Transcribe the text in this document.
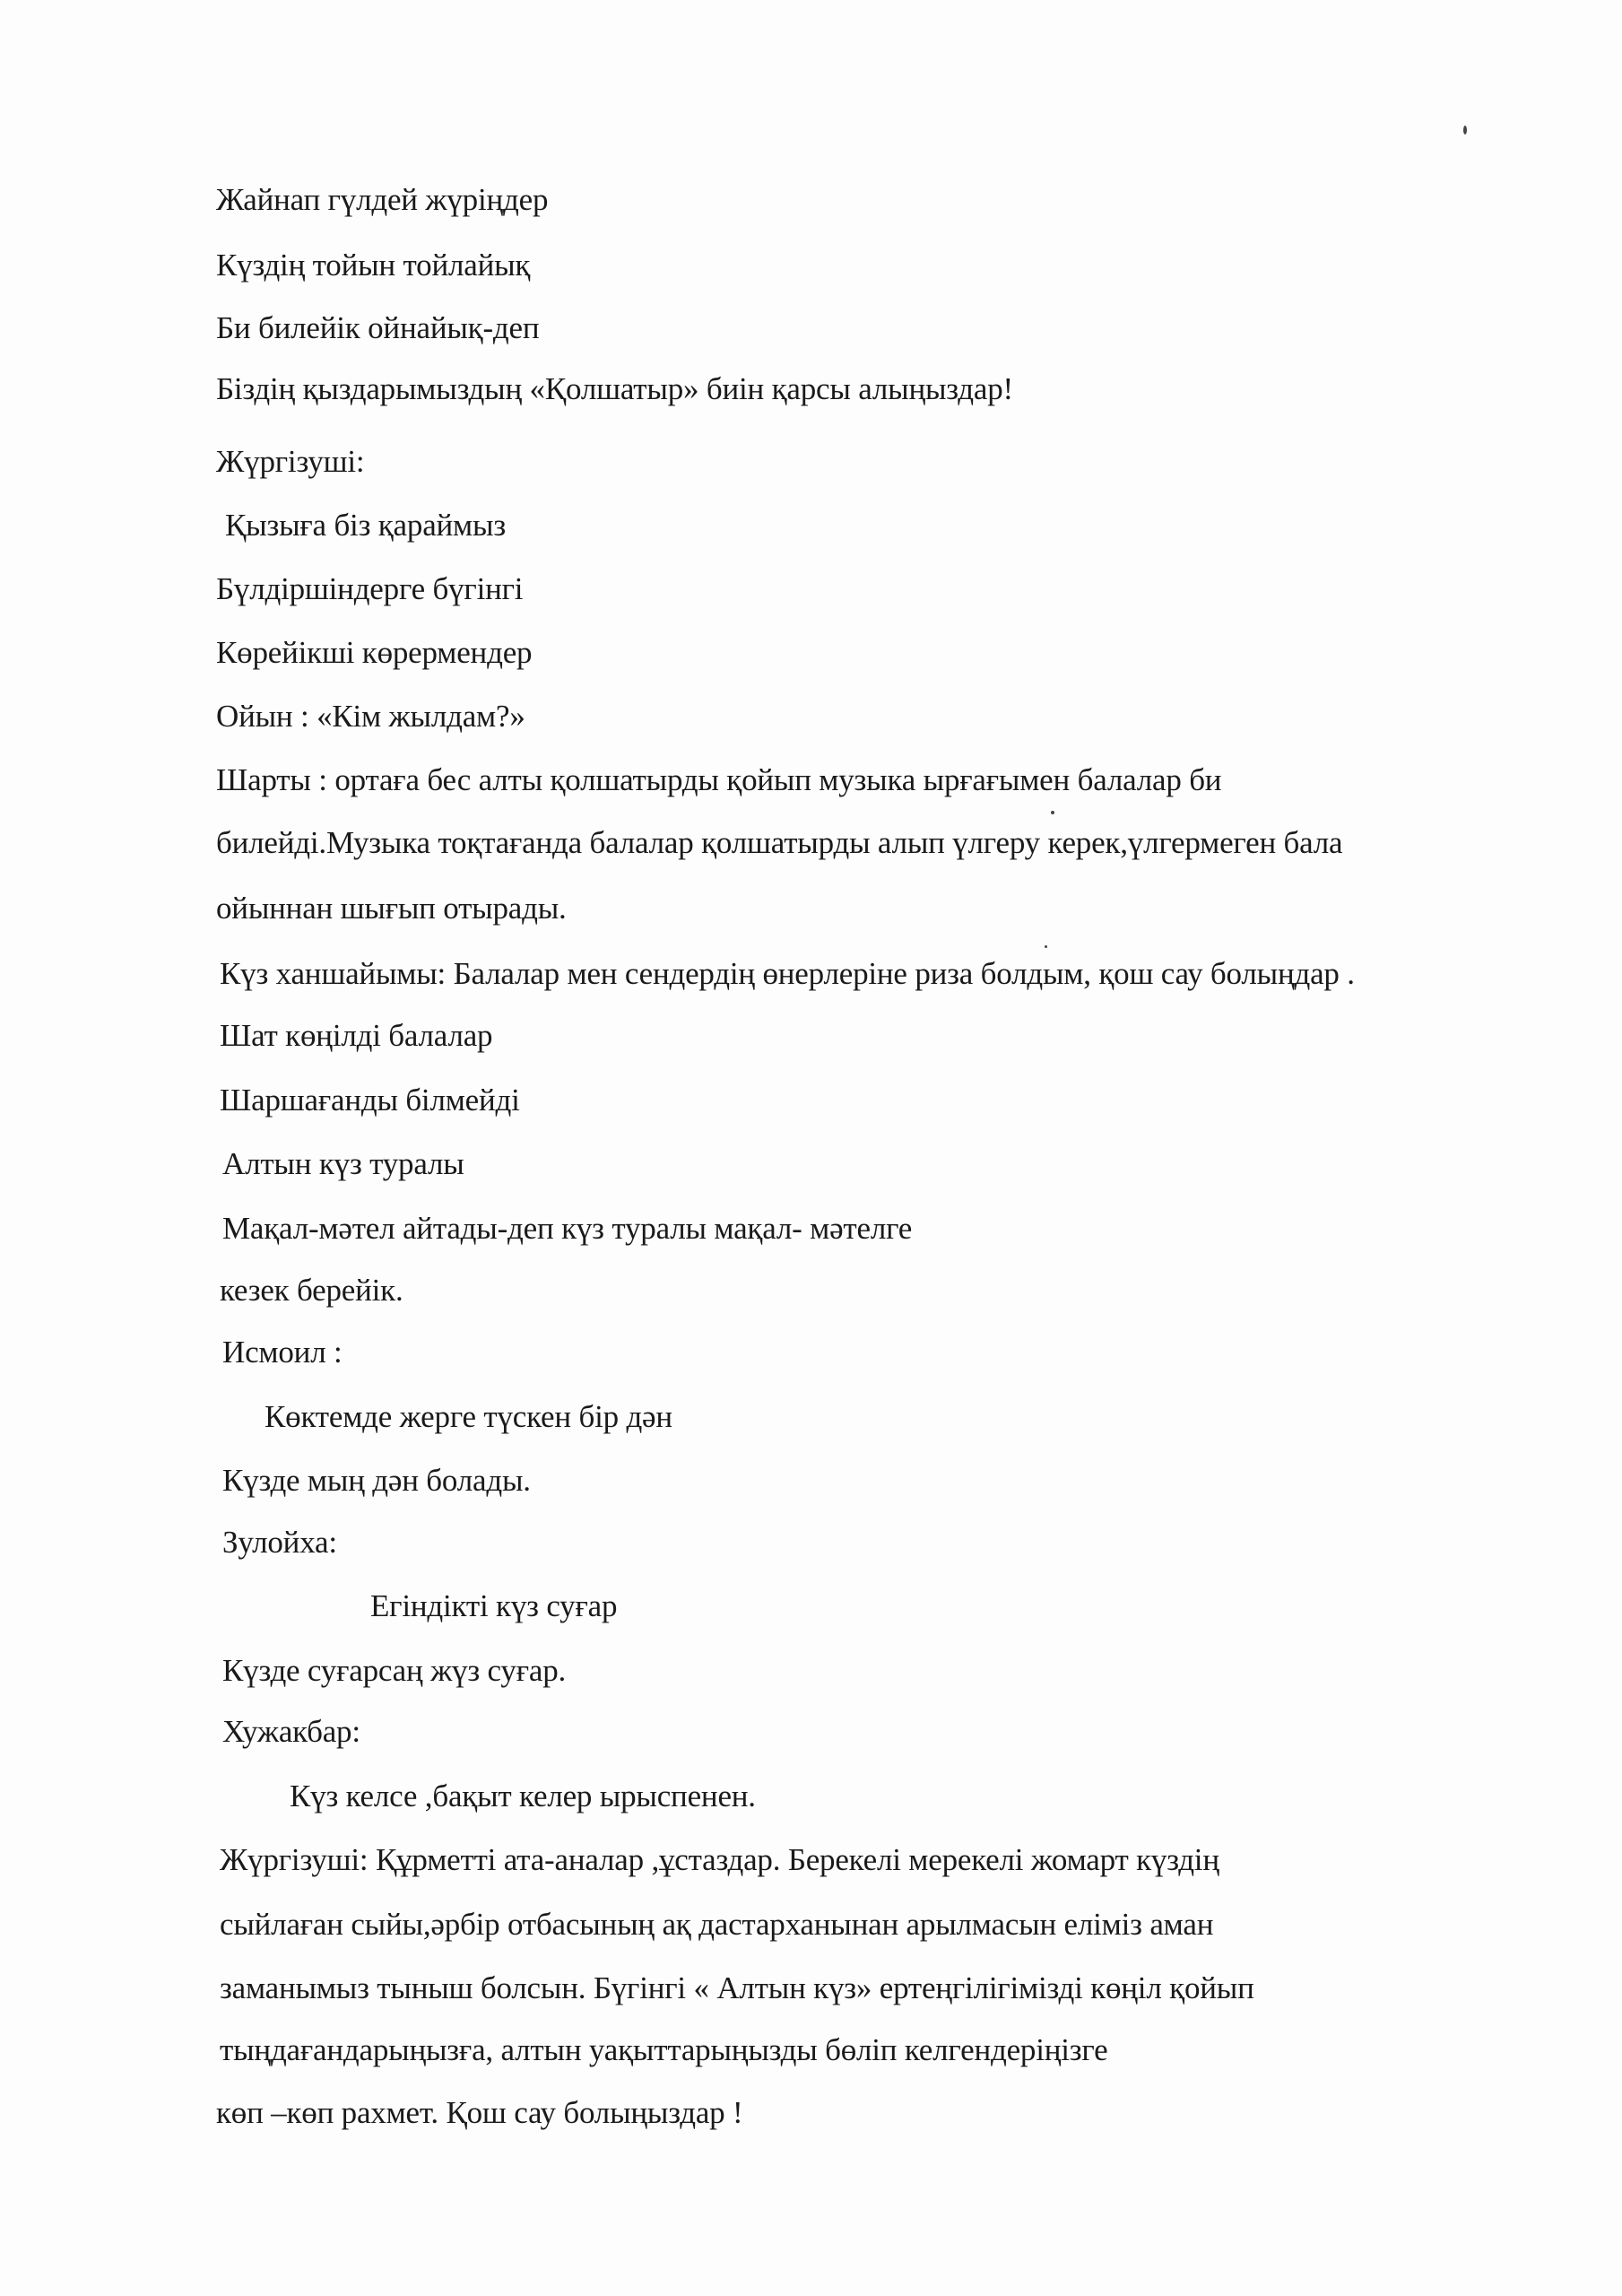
Жайнап гүлдей жүріңдер
Күздің тойын тойлайық
Би билейік ойнайық-деп
Біздің қыздарымыздың «Қолшатыр» биін қарсы алыңыздар!
Жүргізуші:
Қызыға біз қараймыз
Бүлдіршіндерге бүгінгі
Көрейікші көрермендер
Ойын : «Кім жылдам?»
Шарты : ортаға бес алты қолшатырды қойып музыка ырғағымен балалар би
билейді.Музыка тоқтағанда балалар қолшатырды алып үлгеру керек,үлгермеген бала
ойыннан шығып отырады.
Күз ханшайымы: Балалар мен сендердің өнерлеріне риза болдым, қош сау болыңдар .
Шат көңілді балалар
Шаршағанды білмейді
Алтын күз туралы
Мақал-мәтел айтады-деп күз туралы мақал- мәтелге
кезек берейік.
Исмоил :
Көктемде жерге түскен бір дән
Күзде мың дән болады.
Зулойха:
Егіндікті күз суғар
Күзде суғарсаң жүз суғар.
Хужакбар:
Күз келсе ,бақыт келер ырыспенен.
Жүргізуші: Құрметті ата-аналар ,ұстаздар. Берекелі мерекелі жомарт күздің
сыйлаған сыйы,әрбір отбасының ақ дастарханынан арылмасын еліміз аман
заманымыз тыныш болсын. Бүгінгі « Алтын күз» ертеңгілігімізді көңіл қойып
тыңдағандарыңызға, алтын уақыттарыңызды бөліп келгендеріңізге
көп –көп рахмет. Қош сау болыңыздар !
